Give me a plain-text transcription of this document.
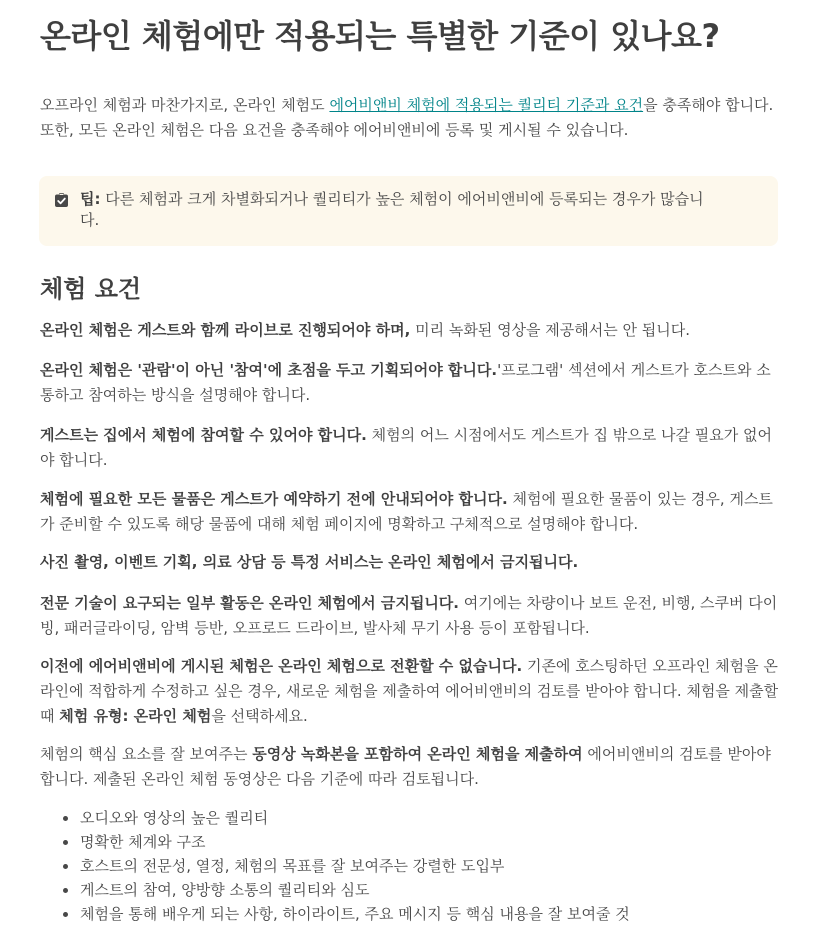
온라인 체험에만 적용되는 특별한 기준이 있나요?

오프라인 체험과 마찬가지로, 온라인 체험도 에어비앤비 체험에 적용되는 퀄리티 기준과 요건을 충족해야 합니다. 또한, 모든 온라인 체험은 다음 요건을 충족해야 에어비앤비에 등록 및 게시될 수 있습니다.

팁: 다른 체험과 크게 차별화되거나 퀄리티가 높은 체험이 에어비앤비에 등록되는 경우가 많습니다.
체험 요건

온라인 체험은 게스트와 함께 라이브로 진행되어야 하며, 미리 녹화된 영상을 제공해서는 안 됩니다.

온라인 체험은 '관람'이 아닌 '참여'에 초점을 두고 기획되어야 합니다.'프로그램' 섹션에서 게스트가 호스트와 소통하고 참여하는 방식을 설명해야 합니다.

게스트는 집에서 체험에 참여할 수 있어야 합니다. 체험의 어느 시점에서도 게스트가 집 밖으로 나갈 필요가 없어야 합니다.

체험에 필요한 모든 물품은 게스트가 예약하기 전에 안내되어야 합니다. 체험에 필요한 물품이 있는 경우, 게스트가 준비할 수 있도록 해당 물품에 대해 체험 페이지에 명확하고 구체적으로 설명해야 합니다.

사진 촬영, 이벤트 기획, 의료 상담 등 특정 서비스는 온라인 체험에서 금지됩니다.

전문 기술이 요구되는 일부 활동은 온라인 체험에서 금지됩니다. 여기에는 차량이나 보트 운전, 비행, 스쿠버 다이빙, 패러글라이딩, 암벽 등반, 오프로드 드라이브, 발사체 무기 사용 등이 포함됩니다.

이전에 에어비앤비에 게시된 체험은 온라인 체험으로 전환할 수 없습니다. 기존에 호스팅하던 오프라인 체험을 온라인에 적합하게 수정하고 싶은 경우, 새로운 체험을 제출하여 에어비앤비의 검토를 받아야 합니다. 체험을 제출할 때 체험 유형: 온라인 체험을 선택하세요.

체험의 핵심 요소를 잘 보여주는 동영상 녹화본을 포함하여 온라인 체험을 제출하여 에어비앤비의 검토를 받아야 합니다. 제출된 온라인 체험 동영상은 다음 기준에 따라 검토됩니다.

오디오와 영상의 높은 퀄리티
명확한 체계와 구조
호스트의 전문성, 열정, 체험의 목표를 잘 보여주는 강렬한 도입부
게스트의 참여, 양방향 소통의 퀄리티와 심도
체험을 통해 배우게 되는 사항, 하이라이트, 주요 메시지 등 핵심 내용을 잘 보여줄 것
